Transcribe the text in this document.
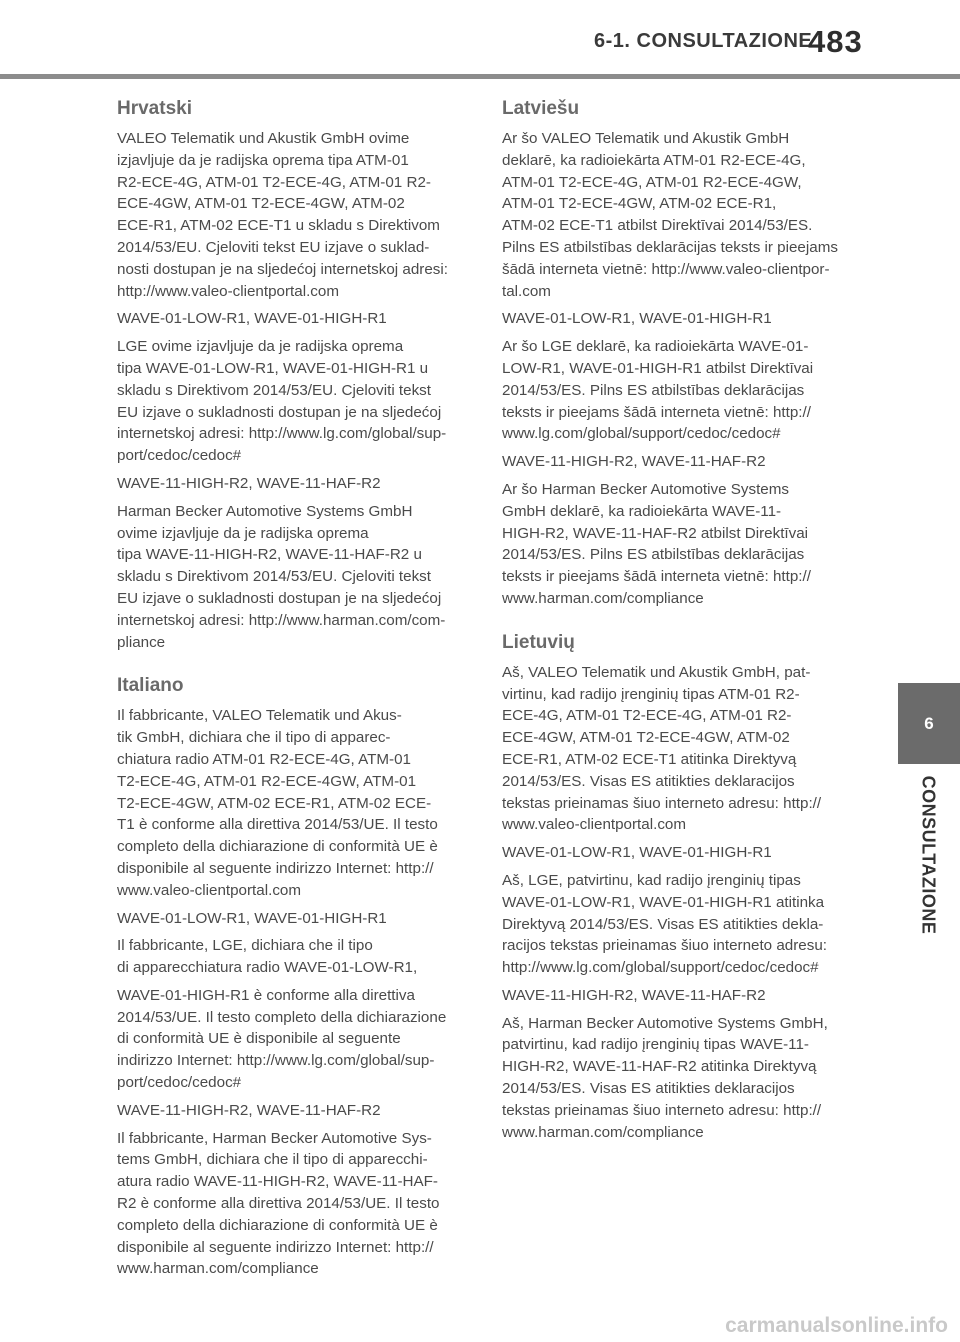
6-1. CONSULTAZIONE
483
Hrvatski

VALEO Telematik und Akustik GmbH ovime
izjavljuje da je radijska oprema tipa ATM-01
R2-ECE-4G, ATM-01 T2-ECE-4G, ATM-01 R2-
ECE-4GW, ATM-01 T2-ECE-4GW, ATM-02
ECE-R1, ATM-02 ECE-T1 u skladu s Direktivom
2014/53/EU. Cjeloviti tekst EU izjave o suklad-
nosti dostupan je na sljedećoj internetskoj adresi:
http://www.valeo-clientportal.com

WAVE-01-LOW-R1, WAVE-01-HIGH-R1

LGE ovime izjavljuje da je radijska oprema
tipa WAVE-01-LOW-R1, WAVE-01-HIGH-R1 u
skladu s Direktivom 2014/53/EU. Cjeloviti tekst
EU izjave o sukladnosti dostupan je na sljedećoj
internetskoj adresi: http://www.lg.com/global/sup-
port/cedoc/cedoc#

WAVE-11-HIGH-R2, WAVE-11-HAF-R2

Harman Becker Automotive Systems GmbH
ovime izjavljuje da je radijska oprema
tipa WAVE-11-HIGH-R2, WAVE-11-HAF-R2 u
skladu s Direktivom 2014/53/EU. Cjeloviti tekst
EU izjave o sukladnosti dostupan je na sljedećoj
internetskoj adresi: http://www.harman.com/com-
pliance

Italiano

Il fabbricante, VALEO Telematik und Akus-
tik GmbH, dichiara che il tipo di apparec-
chiatura radio ATM-01 R2-ECE-4G, ATM-01
T2-ECE-4G, ATM-01 R2-ECE-4GW, ATM-01
T2-ECE-4GW, ATM-02 ECE-R1, ATM-02 ECE-
T1 è conforme alla direttiva 2014/53/UE. Il testo
completo della dichiarazione di conformità UE è
disponibile al seguente indirizzo Internet: http://
www.valeo-clientportal.com

WAVE-01-LOW-R1, WAVE-01-HIGH-R1

Il fabbricante, LGE, dichiara che il tipo
di apparecchiatura radio WAVE-01-LOW-R1,

WAVE-01-HIGH-R1 è conforme alla direttiva
2014/53/UE. Il testo completo della dichiarazione
di conformità UE è disponibile al seguente
indirizzo Internet: http://www.lg.com/global/sup-
port/cedoc/cedoc#

WAVE-11-HIGH-R2, WAVE-11-HAF-R2

Il fabbricante, Harman Becker Automotive Sys-
tems GmbH, dichiara che il tipo di apparecchi-
atura radio WAVE-11-HIGH-R2, WAVE-11-HAF-
R2 è conforme alla direttiva 2014/53/UE. Il testo
completo della dichiarazione di conformità UE è
disponibile al seguente indirizzo Internet: http://
www.harman.com/compliance

Latviešu

Ar šo VALEO Telematik und Akustik GmbH
deklarē, ka radioiekārta ATM-01 R2-ECE-4G,
ATM-01 T2-ECE-4G, ATM-01 R2-ECE-4GW,
ATM-01 T2-ECE-4GW, ATM-02 ECE-R1,
ATM-02 ECE-T1 atbilst Direktīvai 2014/53/ES.
Pilns ES atbilstības deklarācijas teksts ir pieejams
šādā interneta vietnē: http://www.valeo-clientpor-
tal.com

WAVE-01-LOW-R1, WAVE-01-HIGH-R1

Ar šo LGE deklarē, ka radioiekārta WAVE-01-
LOW-R1, WAVE-01-HIGH-R1 atbilst Direktīvai
2014/53/ES. Pilns ES atbilstības deklarācijas
teksts ir pieejams šādā interneta vietnē: http://
www.lg.com/global/support/cedoc/cedoc#

WAVE-11-HIGH-R2, WAVE-11-HAF-R2

Ar šo Harman Becker Automotive Systems
GmbH deklarē, ka radioiekārta WAVE-11-
HIGH-R2, WAVE-11-HAF-R2 atbilst Direktīvai
2014/53/ES. Pilns ES atbilstības deklarācijas
teksts ir pieejams šādā interneta vietnē: http://
www.harman.com/compliance

Lietuvių

Aš, VALEO Telematik und Akustik GmbH, pat-
virtinu, kad radijo įrenginių tipas ATM-01 R2-
ECE-4G, ATM-01 T2-ECE-4G, ATM-01 R2-
ECE-4GW, ATM-01 T2-ECE-4GW, ATM-02
ECE-R1, ATM-02 ECE-T1 atitinka Direktyvą
2014/53/ES. Visas ES atitikties deklaracijos
tekstas prieinamas šiuo interneto adresu: http://
www.valeo-clientportal.com

WAVE-01-LOW-R1, WAVE-01-HIGH-R1

Aš, LGE, patvirtinu, kad radijo įrenginių tipas
WAVE-01-LOW-R1, WAVE-01-HIGH-R1 atitinka
Direktyvą 2014/53/ES. Visas ES atitikties dekla-
racijos tekstas prieinamas šiuo interneto adresu:
http://www.lg.com/global/support/cedoc/cedoc#

WAVE-11-HIGH-R2, WAVE-11-HAF-R2

Aš, Harman Becker Automotive Systems GmbH,
patvirtinu, kad radijo įrenginių tipas WAVE-11-
HIGH-R2, WAVE-11-HAF-R2 atitinka Direktyvą
2014/53/ES. Visas ES atitikties deklaracijos
tekstas prieinamas šiuo interneto adresu: http://
www.harman.com/compliance

6
CONSULTAZIONE
carmanualsonline.info
